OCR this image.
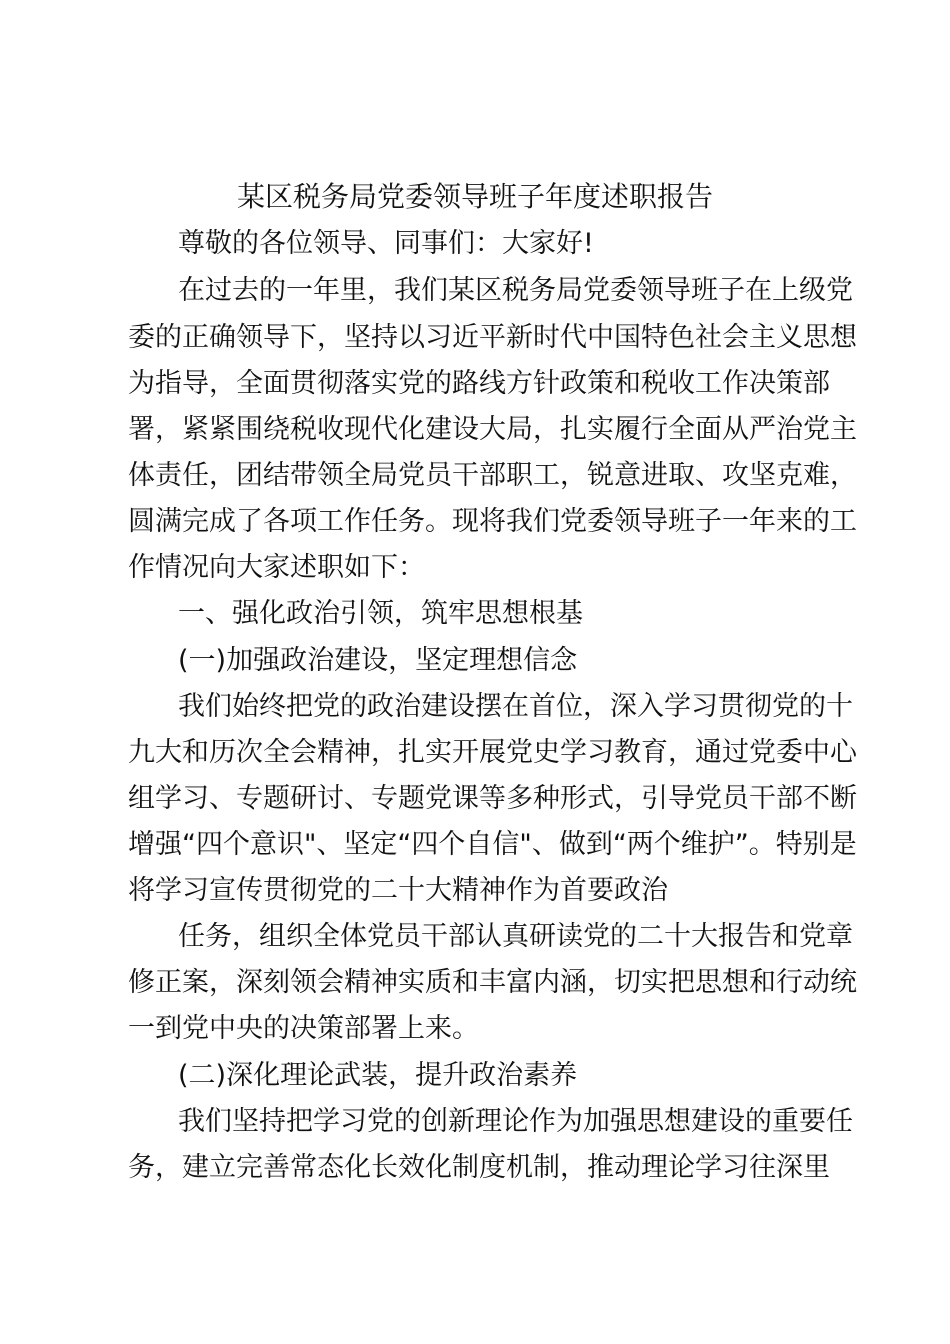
某区税务局党委领导班子年度述职报告

尊敬的各位领导、同事们：大家好!

在过去的一年里，我们某区税务局党委领导班子在上级党

委的正确领导下，坚持以习近平新时代中国特色社会主义思想

为指导，全面贯彻落实党的路线方针政策和税收工作决策部

署，紧紧围绕税收现代化建设大局，扎实履行全面从严治党主

体责任，团结带领全局党员干部职工，锐意进取、攻坚克难，

圆满完成了各项工作任务。现将我们党委领导班子一年来的工

作情况向大家述职如下：

一、强化政治引领，筑牢思想根基

(一)加强政治建设，坚定理想信念

我们始终把党的政治建设摆在首位，深入学习贯彻党的十

九大和历次全会精神，扎实开展党史学习教育，通过党委中心

组学习、专题研讨、专题党课等多种形式，引导党员干部不断

增强“四个意识"、坚定“四个自信"、做到“两个维护”。特别是

将学习宣传贯彻党的二十大精神作为首要政治

任务，组织全体党员干部认真研读党的二十大报告和党章

修正案，深刻领会精神实质和丰富内涵，切实把思想和行动统

一到党中央的决策部署上来。

(二)深化理论武装，提升政治素养

我们坚持把学习党的创新理论作为加强思想建设的重要任

务，建立完善常态化长效化制度机制，推动理论学习往深里
